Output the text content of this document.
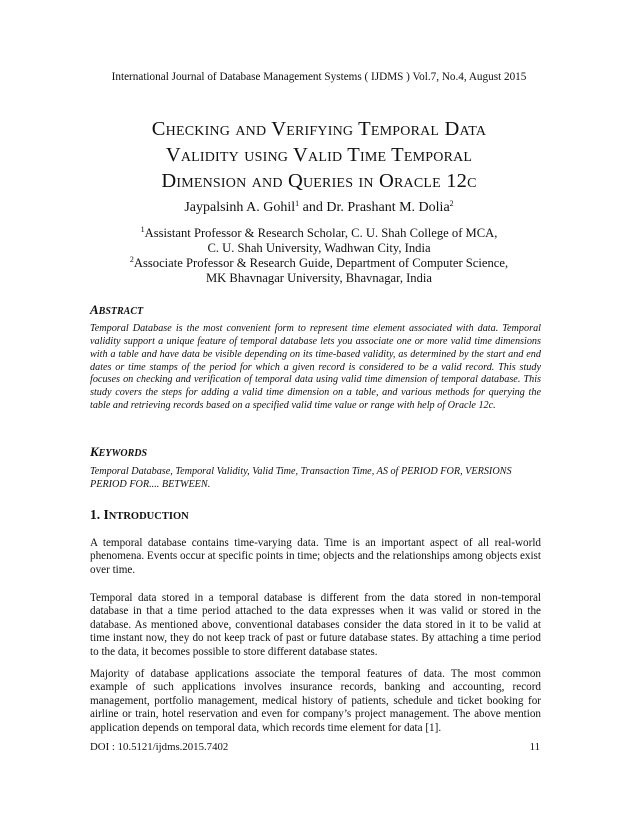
International Journal of Database Management Systems ( IJDMS ) Vol.7, No.4, August 2015
Checking and Verifying Temporal Data
Validity using Valid Time Temporal
Dimension and Queries in Oracle 12c
Jaypalsinh A. Gohil$^1$ and Dr. Prashant M. Dolia$^2$
$^1$Assistant Professor & Research Scholar, C. U. Shah College of MCA,
C. U. Shah University, Wadhwan City, India
$^2$Associate Professor & Research Guide, Department of Computer Science,
MK Bhavnagar University, Bhavnagar, India
ABSTRACT
Temporal Database is the most convenient form to represent time element associated with data. Temporal validity support a unique feature of temporal database lets you associate one or more valid time dimensions with a table and have data be visible depending on its time-based validity, as determined by the start and end dates or time stamps of the period for which a given record is considered to be a valid record. This study focuses on checking and verification of temporal data using valid time dimension of temporal database. This study covers the steps for adding a valid time dimension on a table, and various methods for querying the table and retrieving records based on a specified valid time value or range with help of Oracle 12c.
KEYWORDS
Temporal Database, Temporal Validity, Valid Time, Transaction Time, AS of PERIOD FOR, VERSIONS PERIOD FOR.... BETWEEN.
1. INTRODUCTION
A temporal database contains time-varying data. Time is an important aspect of all real-world phenomena. Events occur at specific points in time; objects and the relationships among objects exist over time.
Temporal data stored in a temporal database is different from the data stored in non-temporal database in that a time period attached to the data expresses when it was valid or stored in the database. As mentioned above, conventional databases consider the data stored in it to be valid at time instant now, they do not keep track of past or future database states. By attaching a time period to the data, it becomes possible to store different database states.
Majority of database applications associate the temporal features of data. The most common example of such applications involves insurance records, banking and accounting, record management, portfolio management, medical history of patients, schedule and ticket booking for airline or train, hotel reservation and even for company’s project management. The above mention application depends on temporal data, which records time element for data [1].
DOI : 10.5121/ijdms.2015.7402	11
